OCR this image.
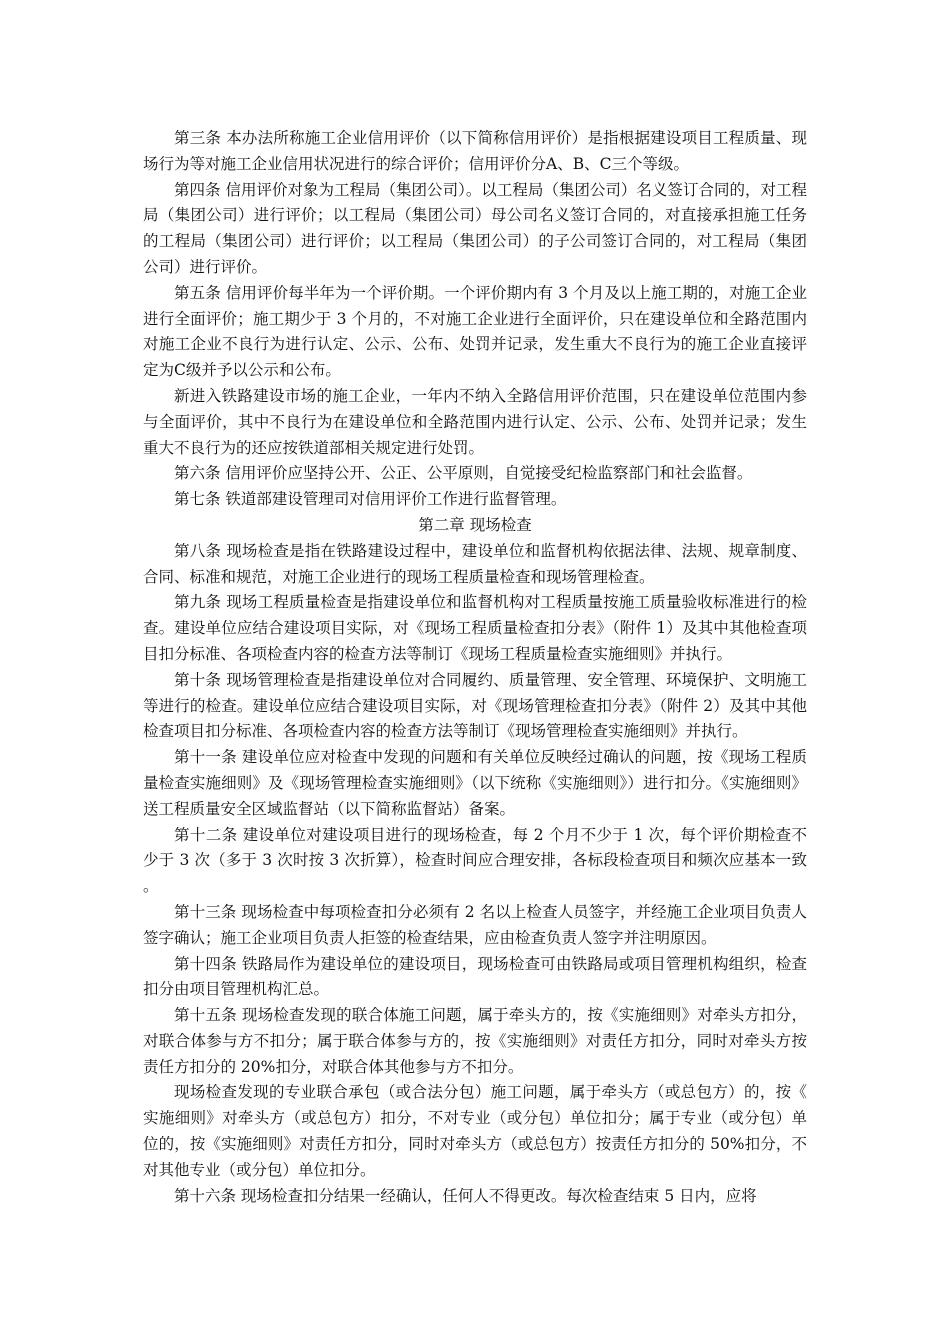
第三条 本办法所称施工企业信用评价（以下简称信用评价）是指根据建设项目工程质量、现场行为等对施工企业信用状况进行的综合评价；信用评价分A、B、C三个等级。

第四条 信用评价对象为工程局（集团公司）。以工程局（集团公司）名义签订合同的，对工程局（集团公司）进行评价；以工程局（集团公司）母公司名义签订合同的，对直接承担施工任务的工程局（集团公司）进行评价；以工程局（集团公司）的子公司签订合同的，对工程局（集团公司）进行评价。

第五条 信用评价每半年为一个评价期。一个评价期内有 3 个月及以上施工期的，对施工企业进行全面评价；施工期少于 3 个月的，不对施工企业进行全面评价，只在建设单位和全路范围内对施工企业不良行为进行认定、公示、公布、处罚并记录，发生重大不良行为的施工企业直接评定为C级并予以公示和公布。

新进入铁路建设市场的施工企业，一年内不纳入全路信用评价范围，只在建设单位范围内参与全面评价，其中不良行为在建设单位和全路范围内进行认定、公示、公布、处罚并记录；发生重大不良行为的还应按铁道部相关规定进行处罚。

第六条 信用评价应坚持公开、公正、公平原则，自觉接受纪检监察部门和社会监督。

第七条 铁道部建设管理司对信用评价工作进行监督管理。

第二章 现场检查

第八条 现场检查是指在铁路建设过程中，建设单位和监督机构依据法律、法规、规章制度、合同、标准和规范，对施工企业进行的现场工程质量检查和现场管理检查。

第九条 现场工程质量检查是指建设单位和监督机构对工程质量按施工质量验收标准进行的检查。建设单位应结合建设项目实际，对《现场工程质量检查扣分表》（附件 1）及其中其他检查项目扣分标准、各项检查内容的检查方法等制订《现场工程质量检查实施细则》并执行。

第十条 现场管理检查是指建设单位对合同履约、质量管理、安全管理、环境保护、文明施工等进行的检查。建设单位应结合建设项目实际，对《现场管理检查扣分表》（附件 2）及其中其他检查项目扣分标准、各项检查内容的检查方法等制订《现场管理检查实施细则》并执行。

第十一条 建设单位应对检查中发现的问题和有关单位反映经过确认的问题，按《现场工程质量检查实施细则》及《现场管理检查实施细则》（以下统称《实施细则》）进行扣分。《实施细则》送工程质量安全区域监督站（以下简称监督站）备案。

第十二条 建设单位对建设项目进行的现场检查，每 2 个月不少于 1 次，每个评价期检查不少于 3 次（多于 3 次时按 3 次折算），检查时间应合理安排，各标段检查项目和频次应基本一致。

第十三条 现场检查中每项检查扣分必须有 2 名以上检查人员签字，并经施工企业项目负责人签字确认；施工企业项目负责人拒签的检查结果，应由检查负责人签字并注明原因。

第十四条 铁路局作为建设单位的建设项目，现场检查可由铁路局或项目管理机构组织，检查扣分由项目管理机构汇总。

第十五条 现场检查发现的联合体施工问题，属于牵头方的，按《实施细则》对牵头方扣分，对联合体参与方不扣分；属于联合体参与方的，按《实施细则》对责任方扣分，同时对牵头方按责任方扣分的 20%扣分，对联合体其他参与方不扣分。

现场检查发现的专业联合承包（或合法分包）施工问题，属于牵头方（或总包方）的，按《实施细则》对牵头方（或总包方）扣分，不对专业（或分包）单位扣分；属于专业（或分包）单位的，按《实施细则》对责任方扣分，同时对牵头方（或总包方）按责任方扣分的 50%扣分，不对其他专业（或分包）单位扣分。

第十六条 现场检查扣分结果一经确认，任何人不得更改。每次检查结束 5 日内，应将
